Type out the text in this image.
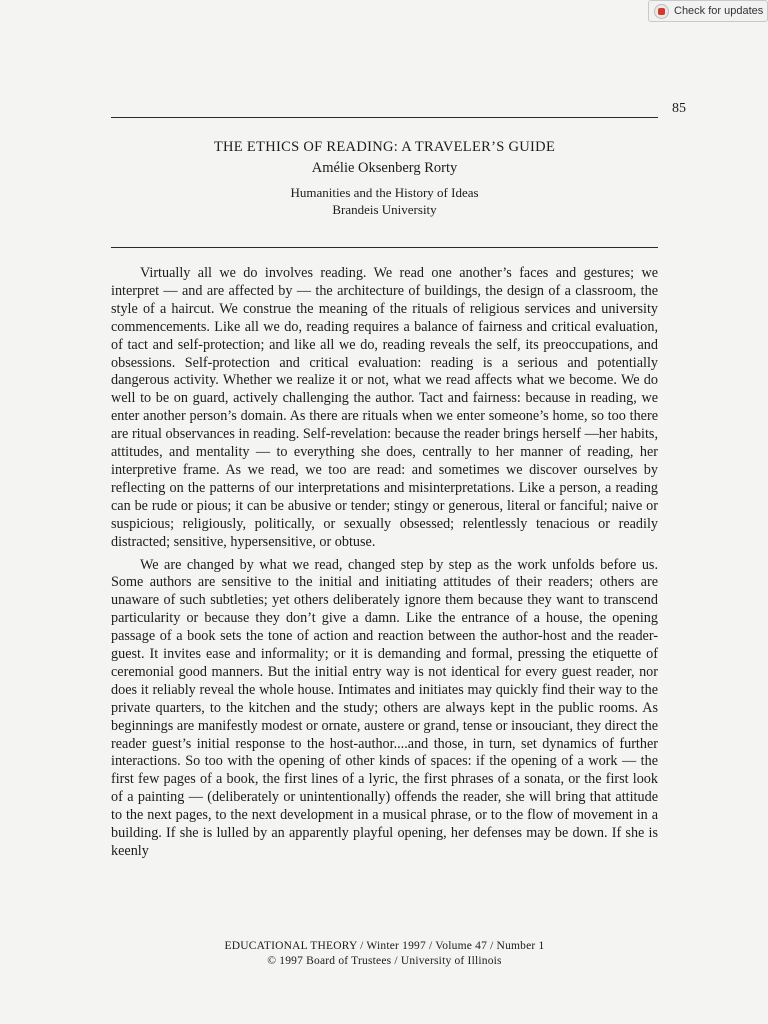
Check for updates
85
THE ETHICS OF READING: A TRAVELER’S GUIDE
Amélie Oksenberg Rorty
Humanities and the History of Ideas
Brandeis University

Virtually all we do involves reading. We read one another’s faces and gestures; we interpret — and are affected by — the architecture of buildings, the design of a classroom, the style of a haircut. We construe the meaning of the rituals of religious services and university commencements. Like all we do, reading requires a balance of fairness and critical evaluation, of tact and self-protection; and like all we do, reading reveals the self, its preoccupations, and obsessions. Self-protection and critical evaluation: reading is a serious and potentially dangerous activity. Whether we realize it or not, what we read affects what we become. We do well to be on guard, actively challenging the author. Tact and fairness: because in reading, we enter another person’s domain. As there are rituals when we enter someone’s home, so too there are ritual observances in reading. Self-revelation: because the reader brings herself —her habits, attitudes, and mentality — to everything she does, centrally to her manner of reading, her interpretive frame. As we read, we too are read: and sometimes we discover ourselves by reflecting on the patterns of our interpretations and misinterpretations. Like a person, a reading can be rude or pious; it can be abusive or tender; stingy or generous, literal or fanciful; naive or suspicious; religiously, politically, or sexually obsessed; relentlessly tenacious or readily distracted; sensitive, hypersensitive, or obtuse.

We are changed by what we read, changed step by step as the work unfolds before us. Some authors are sensitive to the initial and initiating attitudes of their readers; others are unaware of such subtleties; yet others deliberately ignore them because they want to transcend particularity or because they don’t give a damn. Like the entrance of a house, the opening passage of a book sets the tone of action and reaction between the author-host and the reader-guest. It invites ease and informality; or it is demanding and formal, pressing the etiquette of ceremonial good manners. But the initial entry way is not identical for every guest reader, nor does it reliably reveal the whole house. Intimates and initiates may quickly find their way to the private quarters, to the kitchen and the study; others are always kept in the public rooms. As beginnings are manifestly modest or ornate, austere or grand, tense or insouciant, they direct the reader guest’s initial response to the host-author....and those, in turn, set dynamics of further interactions. So too with the opening of other kinds of spaces: if the opening of a work — the first few pages of a book, the first lines of a lyric, the first phrases of a sonata, or the first look of a painting — (deliberately or unintentionally) offends the reader, she will bring that attitude to the next pages, to the next development in a musical phrase, or to the flow of movement in a building. If she is lulled by an apparently playful opening, her defenses may be down. If she is keenly

EDUCATIONAL THEORY / Winter 1997 / Volume 47 / Number 1
© 1997 Board of Trustees / University of Illinois
